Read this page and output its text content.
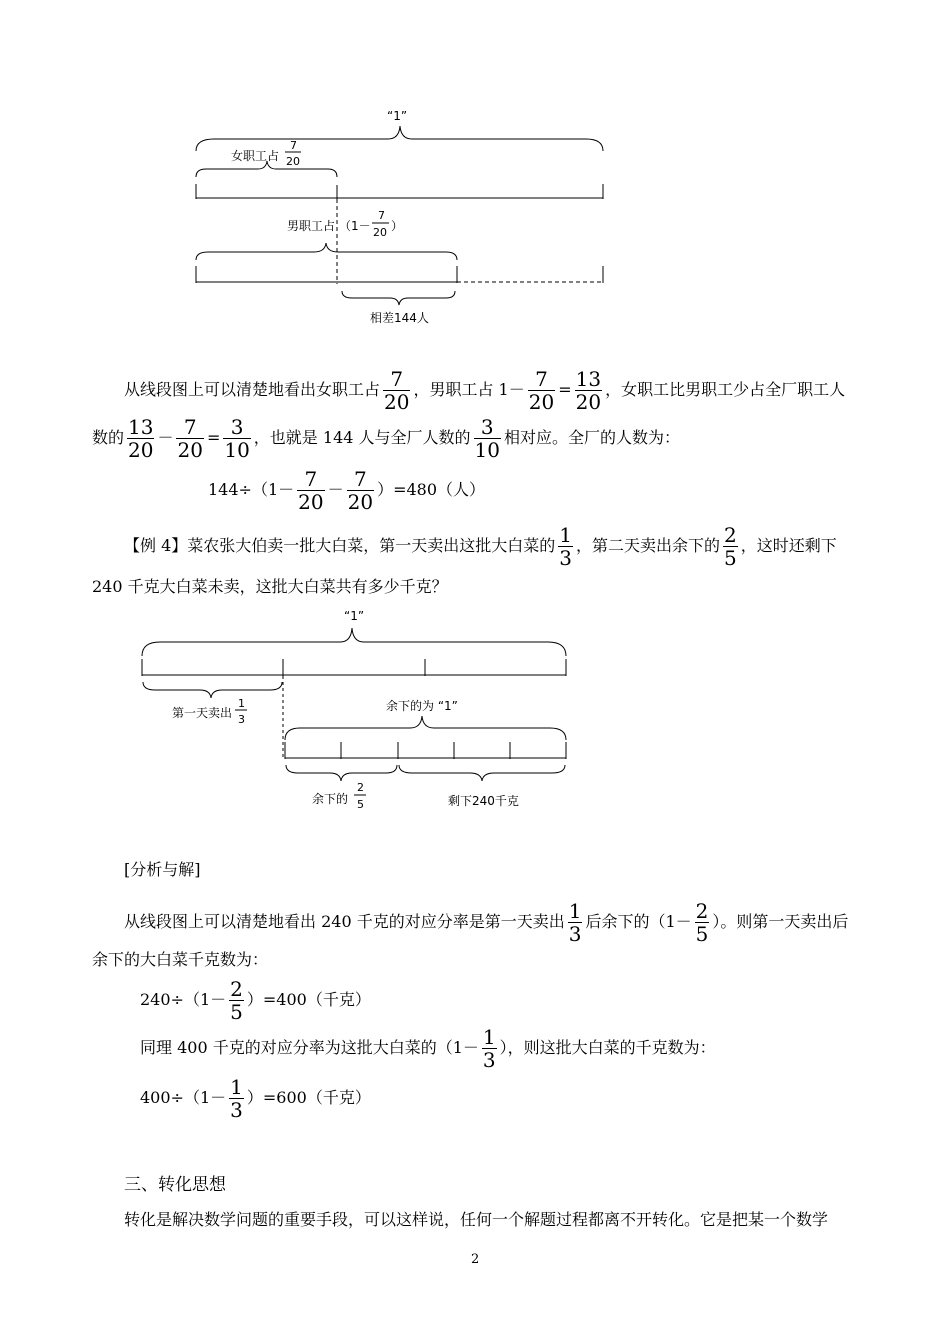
“1”
女职工占
7
20
男职工占 （1－
7
20 ）
相差144人
从线段图上可以清楚地看出女职工占 $\frac{7}{20}$ ，男职工占 $1- \frac{7}{20} = \frac{13}{20}$ ，女职工比男职工少占全厂职工人
数的 $\frac{13}{20} - \frac{7}{20} = \frac{3}{10}$ ，也就是 144 人与全厂人数的 $\frac{3}{10}$ 相对应。全厂的人数为：
$144\div(1- \frac{7}{20} - \frac{7}{20} )=480$（人）
【例 4】菜农张大伯卖一批大白菜，第一天卖出这批大白菜的 $\frac{1}{3}$ ，第二天卖出余下的 $\frac{2}{5}$ ，这时还剩下
240 千克大白菜未卖，这批大白菜共有多少千克？
“1”
第一天卖出
1
3
余下的为 “1”
余下的
2
5	剩下240千克
[分析与解]
从线段图上可以清楚地看出 240 千克的对应分率是第一天卖出 $\frac{1}{3}$ 后余下的（$1- \frac{2}{5}$ ）。则第一天卖出后
余下的大白菜千克数为：
$240\div(1- \frac{2}{5} )=400$（千克）
同理 400 千克的对应分率为这批大白菜的（$1- \frac{1}{3}$ ），则这批大白菜的千克数为：
$400\div(1- \frac{1}{3} )=600$（千克）
三、转化思想
转化是解决数学问题的重要手段，可以这样说，任何一个解题过程都离不开转化。它是把某一个数学
2
